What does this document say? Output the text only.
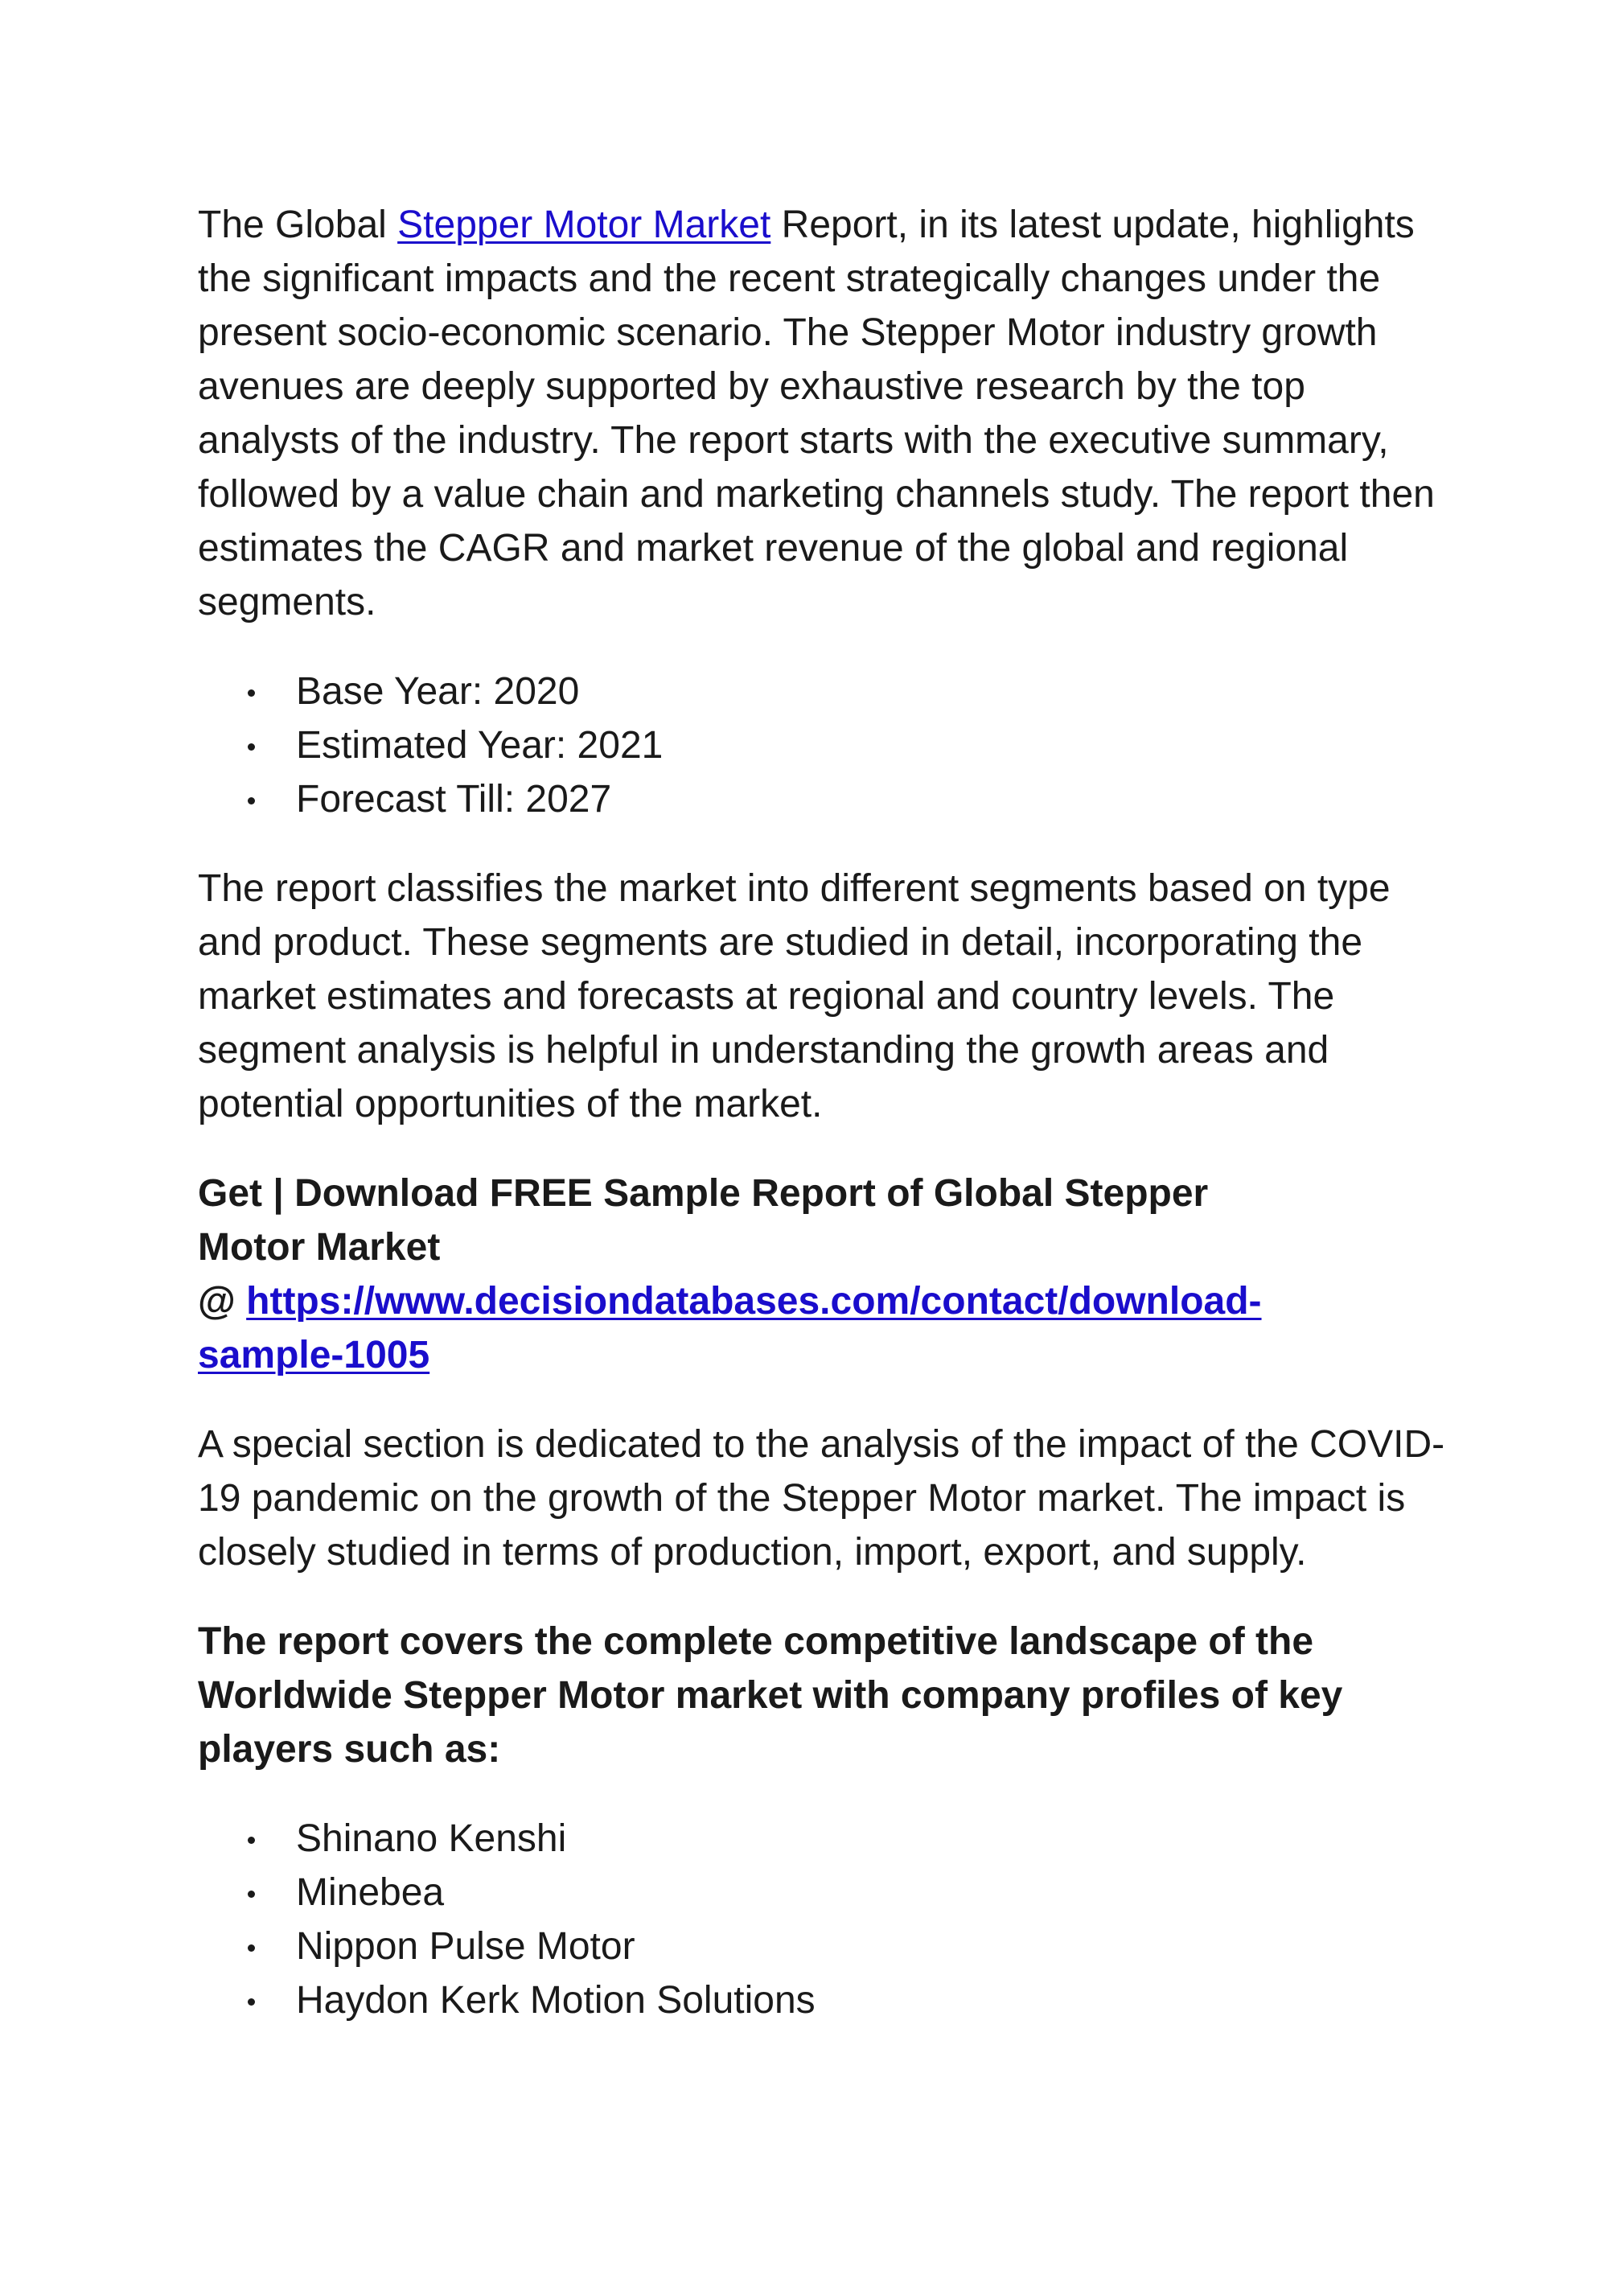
The Global Stepper Motor Market Report, in its latest update, highlights the significant impacts and the recent strategically changes under the present socio-economic scenario. The Stepper Motor industry growth avenues are deeply supported by exhaustive research by the top analysts of the industry. The report starts with the executive summary, followed by a value chain and marketing channels study. The report then estimates the CAGR and market revenue of the global and regional segments.

Base Year: 2020
Estimated Year: 2021
Forecast Till: 2027

The report classifies the market into different segments based on type and product. These segments are studied in detail, incorporating the market estimates and forecasts at regional and country levels. The segment analysis is helpful in understanding the growth areas and potential opportunities of the market.

Get | Download FREE Sample Report of Global Stepper
Motor Market
@ https://www.decisiondatabases.com/contact/download-
sample-1005

A special section is dedicated to the analysis of the impact of the COVID-19 pandemic on the growth of the Stepper Motor market. The impact is closely studied in terms of production, import, export, and supply.

The report covers the complete competitive landscape of the Worldwide Stepper Motor market with company profiles of key players such as:

Shinano Kenshi
Minebea
Nippon Pulse Motor
Haydon Kerk Motion Solutions
